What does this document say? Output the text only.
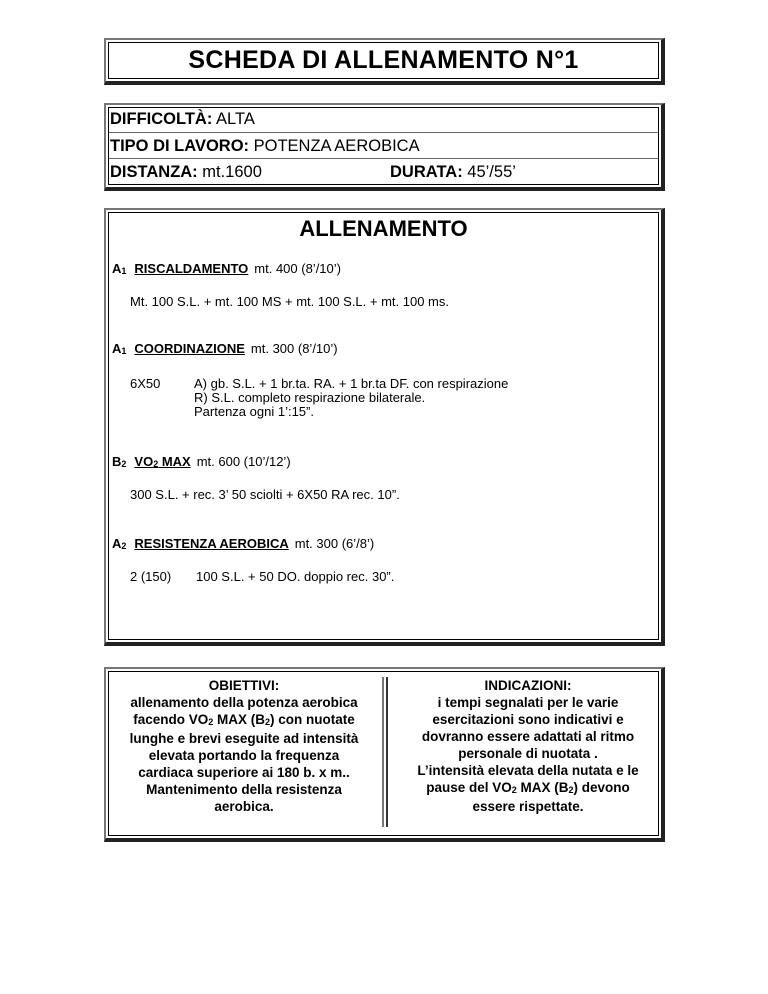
SCHEDA DI ALLENAMENTO N°1
DIFFICOLTÀ: ALTA
TIPO DI LAVORO: POTENZA AEROBICA
DISTANZA: mt.1600	DURATA: 45’/55’
ALLENAMENTO
$A_1$ RISCALDAMENTO mt. 400 (8’/10’)
Mt. 100 S.L. + mt. 100 MS + mt. 100 S.L. + mt. 100 ms.
$A_1$ COORDINAZIONE mt. 300 (8’/10’)
6X50	A) gb. S.L. + 1 br.ta. RA. + 1 br.ta DF. con respirazione
R) S.L. completo respirazione bilaterale.
Partenza ogni 1’:15”.
$B_2$ $VO_2$ MAX mt. 600 (10’/12’)
300 S.L. + rec. 3’ 50 sciolti + 6X50 RA rec. 10”.
$A_2$ RESISTENZA AEROBICA mt. 300 (6’/8’)
2 (150) 100 S.L. + 50 DO. doppio rec. 30”.
OBIETTIVI:
allenamento della potenza aerobica
facendo $VO_2$ MAX $(B_2)$ con nuotate
lunghe e brevi eseguite ad intensità
elevata portando la frequenza
cardiaca superiore ai 180 b. x m..
Mantenimento della resistenza
aerobica.
INDICAZIONI:
i tempi segnalati per le varie
esercitazioni sono indicativi e
dovranno essere adattati al ritmo
personale di nuotata .
L’intensità elevata della nutata e le
pause del $VO_2$ MAX $(B_2)$ devono
essere rispettate.
